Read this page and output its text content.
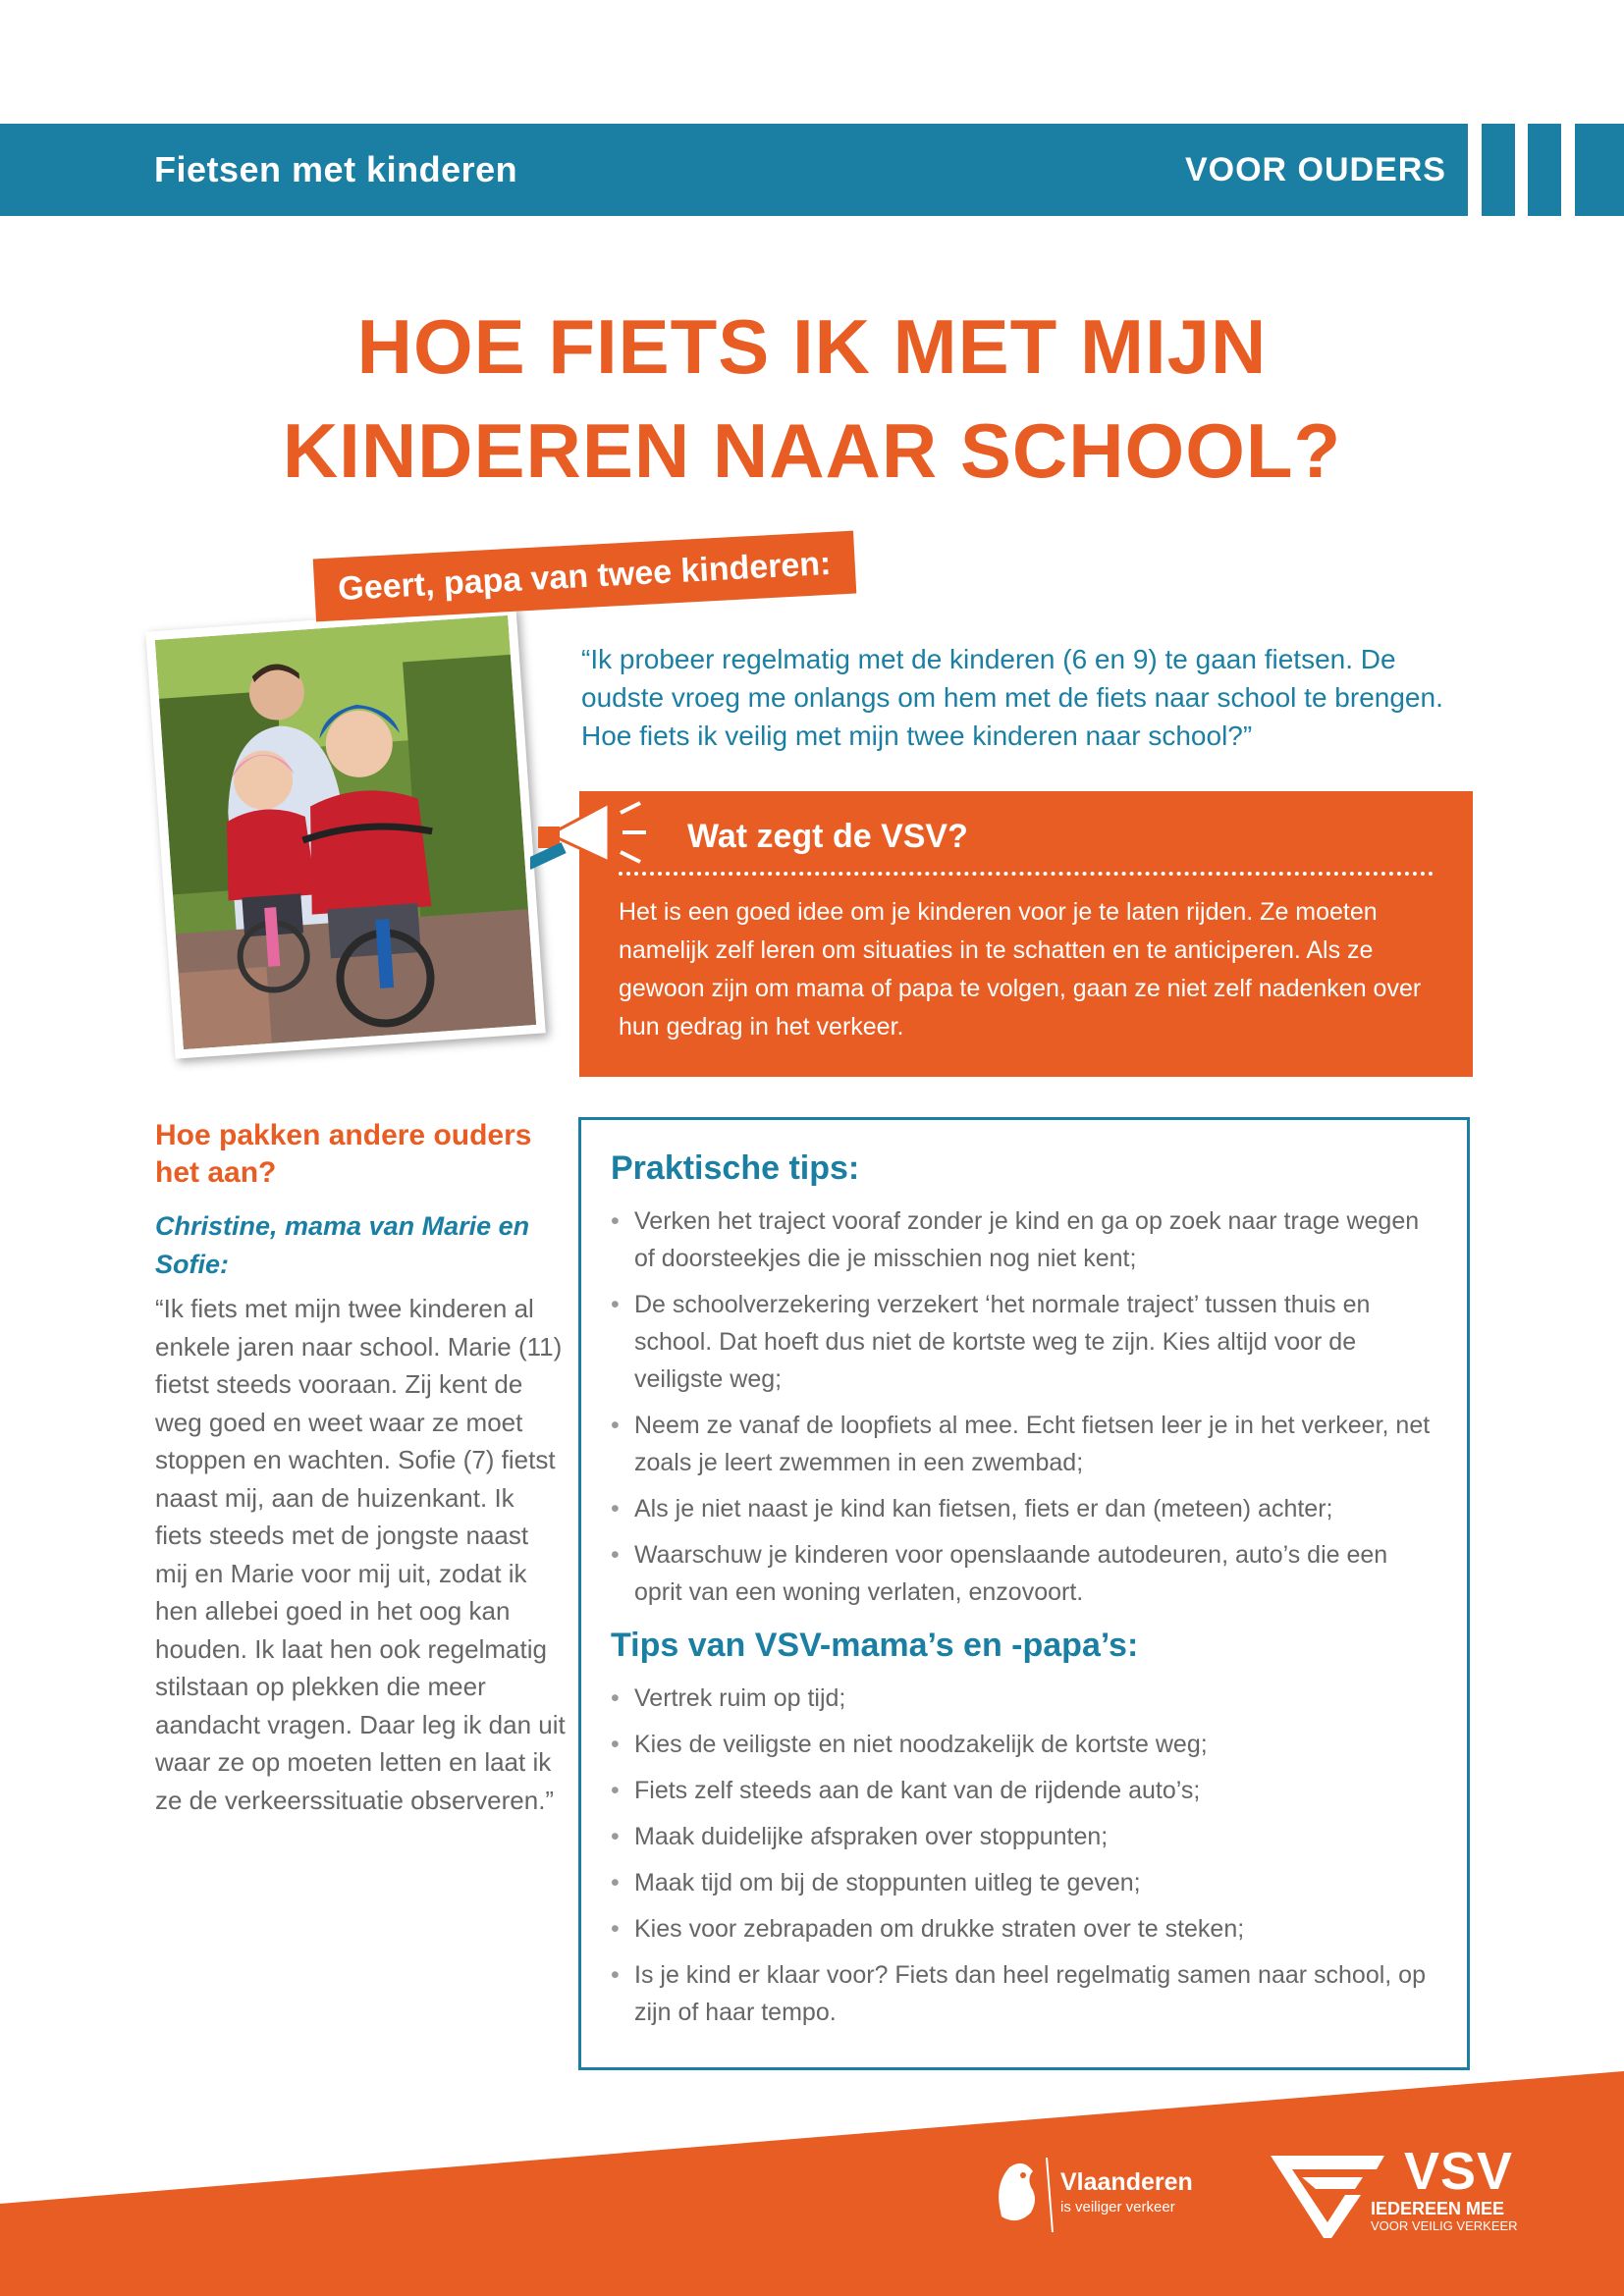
Fietsen met kinderen	VOOR OUDERS
HOE FIETS IK MET MIJN
KINDEREN NAAR SCHOOL?
Geert, papa van twee kinderen:
“Ik probeer regelmatig met de kinderen (6 en 9) te gaan fietsen. De oudste vroeg me onlangs om hem met de fiets naar school te brengen. Hoe fiets ik veilig met mijn twee kinderen naar school?”
Wat zegt de VSV?
Het is een goed idee om je kinderen voor je te laten rijden. Ze moeten namelijk zelf leren om situaties in te schatten en te anticiperen. Als ze gewoon zijn om mama of papa te volgen, gaan ze niet zelf nadenken over hun gedrag in het verkeer.
Hoe pakken andere ouders het aan?
Christine, mama van Marie en Sofie:
“Ik fiets met mijn twee kinderen al enkele jaren naar school. Marie (11) fietst steeds vooraan. Zij kent de weg goed en weet waar ze moet stoppen en wachten. Sofie (7) fietst naast mij, aan de huizenkant. Ik fiets steeds met de jongste naast mij en Marie voor mij uit, zodat ik hen allebei goed in het oog kan houden. Ik laat hen ook regelmatig stilstaan op plekken die meer aandacht vragen. Daar leg ik dan uit waar ze op moeten letten en laat ik ze de verkeerssituatie observeren.”
Praktische tips:
• Verken het traject vooraf zonder je kind en ga op zoek naar trage wegen of doorsteekjes die je misschien nog niet kent;
• De schoolverzekering verzekert ‘het normale traject’ tussen thuis en school. Dat hoeft dus niet de kortste weg te zijn. Kies altijd voor de veiligste weg;
• Neem ze vanaf de loopfiets al mee. Echt fietsen leer je in het verkeer, net zoals je leert zwemmen in een zwembad;
• Als je niet naast je kind kan fietsen, fiets er dan (meteen) achter;
• Waarschuw je kinderen voor openslaande autodeuren, auto’s die een oprit van een woning verlaten, enzovoort.
Tips van VSV-mama’s en -papa’s:
• Vertrek ruim op tijd;
• Kies de veiligste en niet noodzakelijk de kortste weg;
• Fiets zelf steeds aan de kant van de rijdende auto’s;
• Maak duidelijke afspraken over stoppunten;
• Maak tijd om bij de stoppunten uitleg te geven;
• Kies voor zebrapaden om drukke straten over te steken;
• Is je kind er klaar voor? Fiets dan heel regelmatig samen naar school, op zijn of haar tempo.
Vlaanderen
is veiliger verkeer
VSV
IEDEREEN MEE
VOOR VEILIG VERKEER
